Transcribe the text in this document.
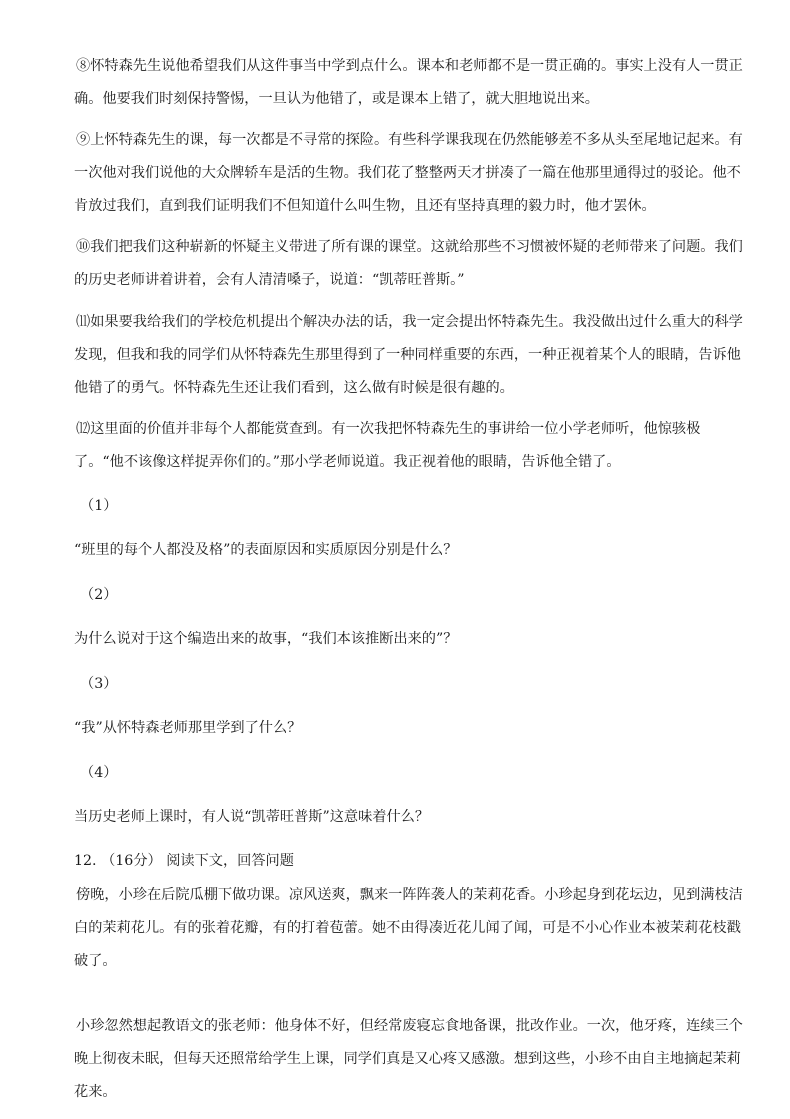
⑧怀特森先生说他希望我们从这件事当中学到点什么。课本和老师都不是一贯正确的。事实上没有人一贯正确。他要我们时刻保持警惕，一旦认为他错了，或是课本上错了，就大胆地说出来。

⑨上怀特森先生的课，每一次都是不寻常的探险。有些科学课我现在仍然能够差不多从头至尾地记起来。有一次他对我们说他的大众牌轿车是活的生物。我们花了整整两天才拼凑了一篇在他那里通得过的驳论。他不肯放过我们，直到我们证明我们不但知道什么叫生物，且还有坚持真理的毅力时，他才罢休。

⑩我们把我们这种崭新的怀疑主义带进了所有课的课堂。这就给那些不习惯被怀疑的老师带来了问题。我们的历史老师讲着讲着，会有人清清嗓子，说道：“凯蒂旺普斯。”

⑾如果要我给我们的学校危机提出个解决办法的话，我一定会提出怀特森先生。我没做出过什么重大的科学发现，但我和我的同学们从怀特森先生那里得到了一种同样重要的东西，一种正视着某个人的眼睛，告诉他他错了的勇气。怀特森先生还让我们看到，这么做有时候是很有趣的。

⑿这里面的价值并非每个人都能赏查到。有一次我把怀特森先生的事讲给一位小学老师听，他惊骇极了。“他不该像这样捉弄你们的。”那小学老师说道。我正视着他的眼睛，告诉他全错了。

（1）
“班里的每个人都没及格”的表面原因和实质原因分别是什么？
（2）
为什么说对于这个编造出来的故事，“我们本该推断出来的”？
（3）
“我”从怀特森老师那里学到了什么？
（4）
当历史老师上课时，有人说“凯蒂旺普斯”这意味着什么？
12. （16分） 阅读下文，回答问题

傍晚，小珍在后院瓜棚下做功课。凉风送爽，飘来一阵阵袭人的茉莉花香。小珍起身到花坛边，见到满枝洁白的茉莉花儿。有的张着花瓣，有的打着苞蕾。她不由得凑近花儿闻了闻，可是不小心作业本被茉莉花枝戳破了。

小珍忽然想起教语文的张老师：他身体不好，但经常废寝忘食地备课，批改作业。一次，他牙疼，连续三个晚上彻夜未眠，但每天还照常给学生上课，同学们真是又心疼又感激。想到这些，小珍不由自主地摘起茉莉花来。
